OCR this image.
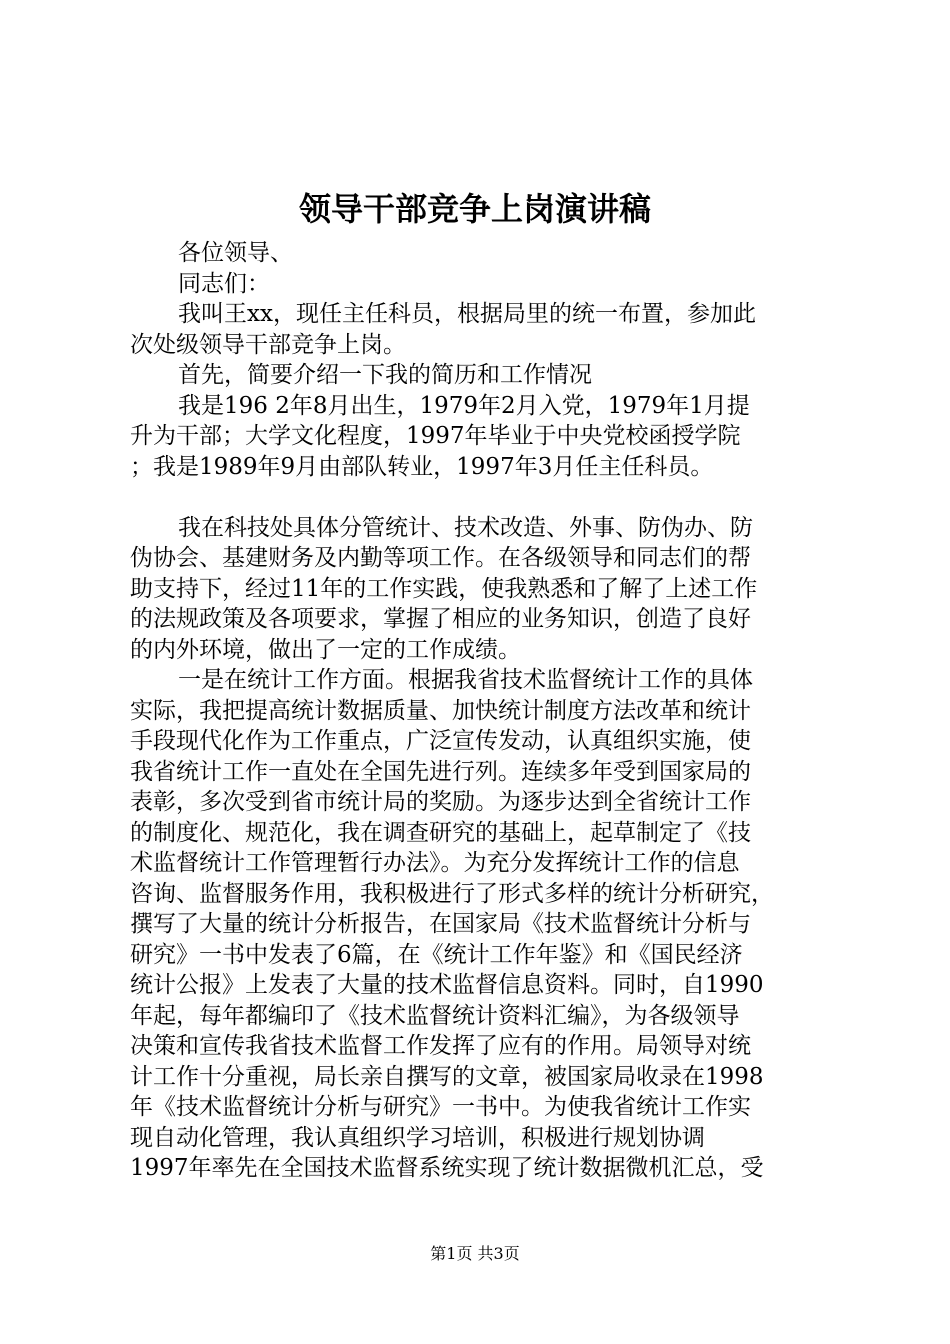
领导干部竞争上岗演讲稿
各位领导、
同志们：
我叫王xx，现任主任科员，根据局里的统一布置，参加此
次处级领导干部竞争上岗。
首先，简要介绍一下我的简历和工作情况
我是196 2年8月出生，1979年2月入党，1979年1月提
升为干部；大学文化程度，1997年毕业于中央党校函授学院
；我是1989年9月由部队转业，1997年3月任主任科员。
我在科技处具体分管统计、技术改造、外事、防伪办、防
伪协会、基建财务及内勤等项工作。在各级领导和同志们的帮
助支持下，经过11年的工作实践，使我熟悉和了解了上述工作
的法规政策及各项要求，掌握了相应的业务知识，创造了良好
的内外环境，做出了一定的工作成绩。
一是在统计工作方面。根据我省技术监督统计工作的具体
实际，我把提高统计数据质量、加快统计制度方法改革和统计
手段现代化作为工作重点，广泛宣传发动，认真组织实施，使
我省统计工作一直处在全国先进行列。连续多年受到国家局的
表彰，多次受到省市统计局的奖励。为逐步达到全省统计工作
的制度化、规范化，我在调查研究的基础上，起草制定了《技
术监督统计工作管理暂行办法》。为充分发挥统计工作的信息
咨询、监督服务作用，我积极进行了形式多样的统计分析研究，
撰写了大量的统计分析报告，在国家局《技术监督统计分析与
研究》一书中发表了6篇，在《统计工作年鉴》和《国民经济
统计公报》上发表了大量的技术监督信息资料。同时，自1990
年起，每年都编印了《技术监督统计资料汇编》，为各级领导
决策和宣传我省技术监督工作发挥了应有的作用。局领导对统
计工作十分重视，局长亲自撰写的文章，被国家局收录在1998
年《技术监督统计分析与研究》一书中。为使我省统计工作实
现自动化管理，我认真组织学习培训，积极进行规划协调
1997年率先在全国技术监督系统实现了统计数据微机汇总，受
第1页 共3页
